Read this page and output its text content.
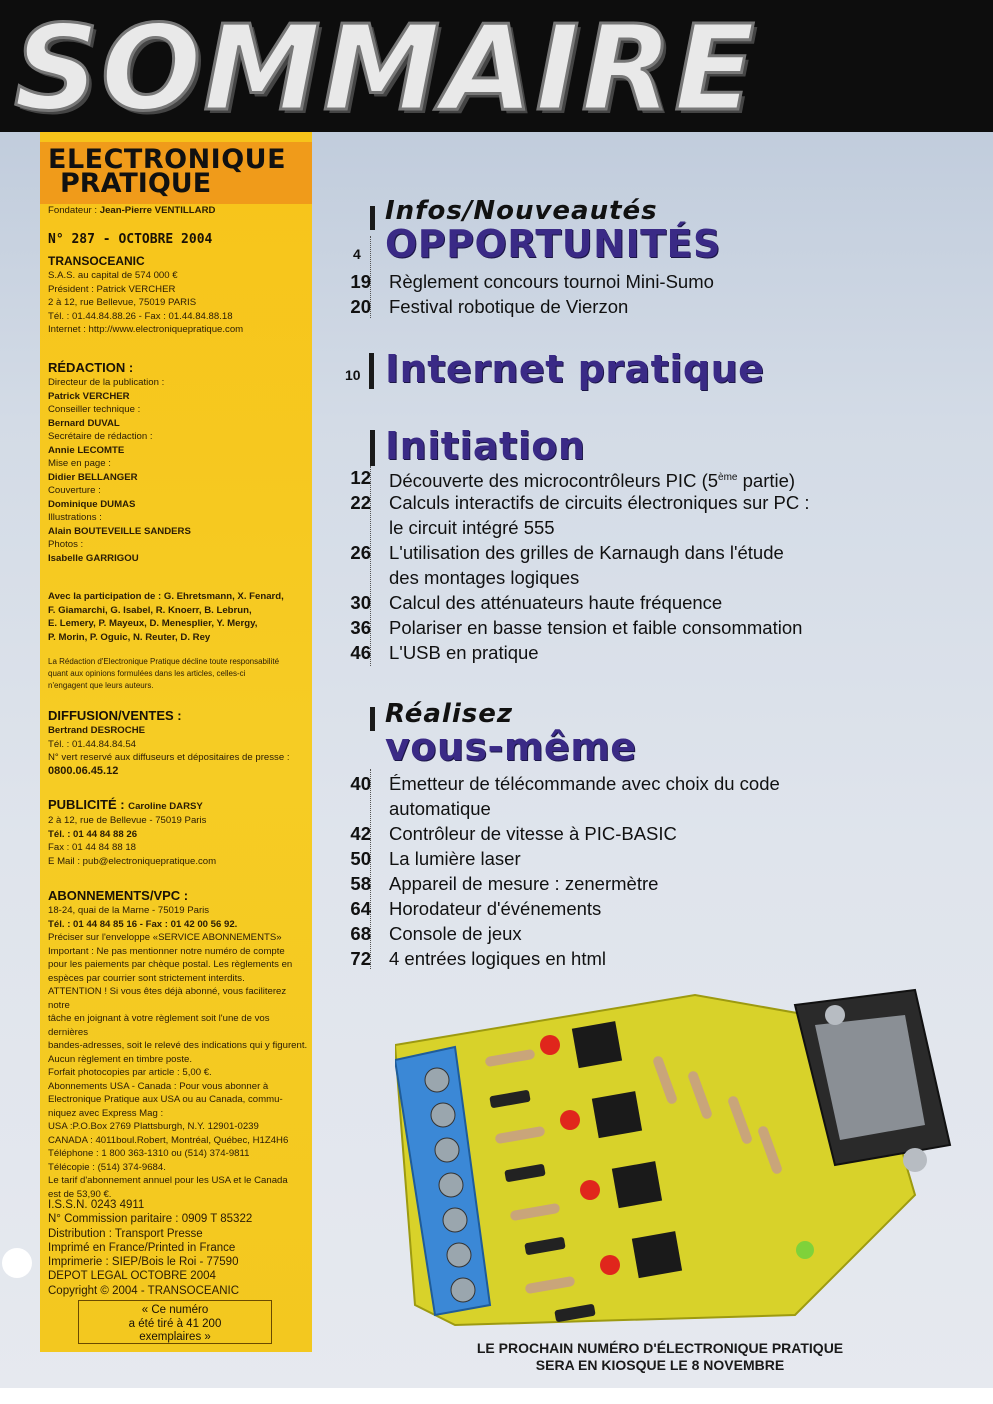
SOMMAIRE
ELECTRONIQUE
PRATIQUE
Fondateur : Jean-Pierre VENTILLARD
N° 287 - OCTOBRE 2004
TRANSOCEANIC
S.A.S. au capital de 574 000 €
Président : Patrick VERCHER
2 à 12, rue Bellevue, 75019 PARIS
Tél. : 01.44.84.88.26 - Fax : 01.44.84.88.18
Internet : http://www.electroniquepratique.com
RÉDACTION :
Directeur de la publication :
Patrick VERCHER
Conseiller technique :
Bernard DUVAL
Secrétaire de rédaction :
Annie LECOMTE
Mise en page :
Didier BELLANGER
Couverture :
Dominique DUMAS
Illustrations :
Alain BOUTEVEILLE SANDERS
Photos :
Isabelle GARRIGOU
Avec la participation de : G. Ehretsmann, X. Fenard,
F. Giamarchi, G. Isabel, R. Knoerr, B. Lebrun,
E. Lemery, P. Mayeux, D. Menesplier, Y. Mergy,
P. Morin, P. Oguic, N. Reuter, D. Rey
La Rédaction d'Electronique Pratique décline toute responsabilité
quant aux opinions formulées dans les articles, celles-ci
n'engagent que leurs auteurs.
DIFFUSION/VENTES :
Bertrand DESROCHE
Tél. : 01.44.84.84.54
N° vert reservé aux diffuseurs et dépositaires de presse :
0800.06.45.12
PUBLICITÉ : Caroline DARSY
2 à 12, rue de Bellevue - 75019 Paris
Tél. : 01 44 84 88 26
Fax : 01 44 84 88 18
E Mail : pub@electroniquepratique.com
ABONNEMENTS/VPC :
18-24, quai de la Marne - 75019 Paris
Tél. : 01 44 84 85 16 - Fax : 01 42 00 56 92.
Préciser sur l'enveloppe «SERVICE ABONNEMENTS»
Important : Ne pas mentionner notre numéro de compte
pour les paiements par chèque postal. Les règlements en
espèces par courrier sont strictement interdits.
ATTENTION ! Si vous êtes déjà abonné, vous faciliterez notre
tâche en joignant à votre règlement soit l'une de vos dernières
bandes-adresses, soit le relevé des indications qui y figurent.
Aucun règlement en timbre poste.
Forfait photocopies par article : 5,00 €.
Abonnements USA - Canada : Pour vous abonner à
Electronique Pratique aux USA ou au Canada, commu-
niquez avec Express Mag :
USA :P.O.Box 2769 Plattsburgh, N.Y. 12901-0239
CANADA : 4011boul.Robert, Montréal, Québec, H1Z4H6
Téléphone : 1 800 363-1310 ou (514) 374-9811
Télécopie : (514) 374-9684.
Le tarif d'abonnement annuel pour les USA et le Canada
est de 53,90 €.
I.S.S.N. 0243 4911
N° Commission paritaire : 0909 T 85322
Distribution : Transport Presse
Imprimé en France/Printed in France
Imprimerie : SIEP/Bois le Roi - 77590
DEPOT LEGAL OCTOBRE 2004
Copyright © 2004 - TRANSOCEANIC
« Ce numéro
a été tiré à 41 200
exemplaires »
Infos/Nouveautés
4 OPPORTUNITÉS
19 Règlement concours tournoi Mini-Sumo
20 Festival robotique de Vierzon
10 Internet pratique
Initiation
12 Découverte des microcontrôleurs PIC (5ème partie)
22 Calculs interactifs de circuits électroniques sur PC :
le circuit intégré 555
26 L'utilisation des grilles de Karnaugh dans l'étude
des montages logiques
30 Calcul des atténuateurs haute fréquence
36 Polariser en basse tension et faible consommation
46 L'USB en pratique
Réalisez
vous-même
40 Émetteur de télécommande avec choix du code
automatique
42 Contrôleur de vitesse à PIC-BASIC
50 La lumière laser
58 Appareil de mesure : zenermètre
64 Horodateur d'événements
68 Console de jeux
72 4 entrées logiques en html
LE PROCHAIN NUMÉRO D'ÉLECTRONIQUE PRATIQUE
SERA EN KIOSQUE LE 8 NOVEMBRE
